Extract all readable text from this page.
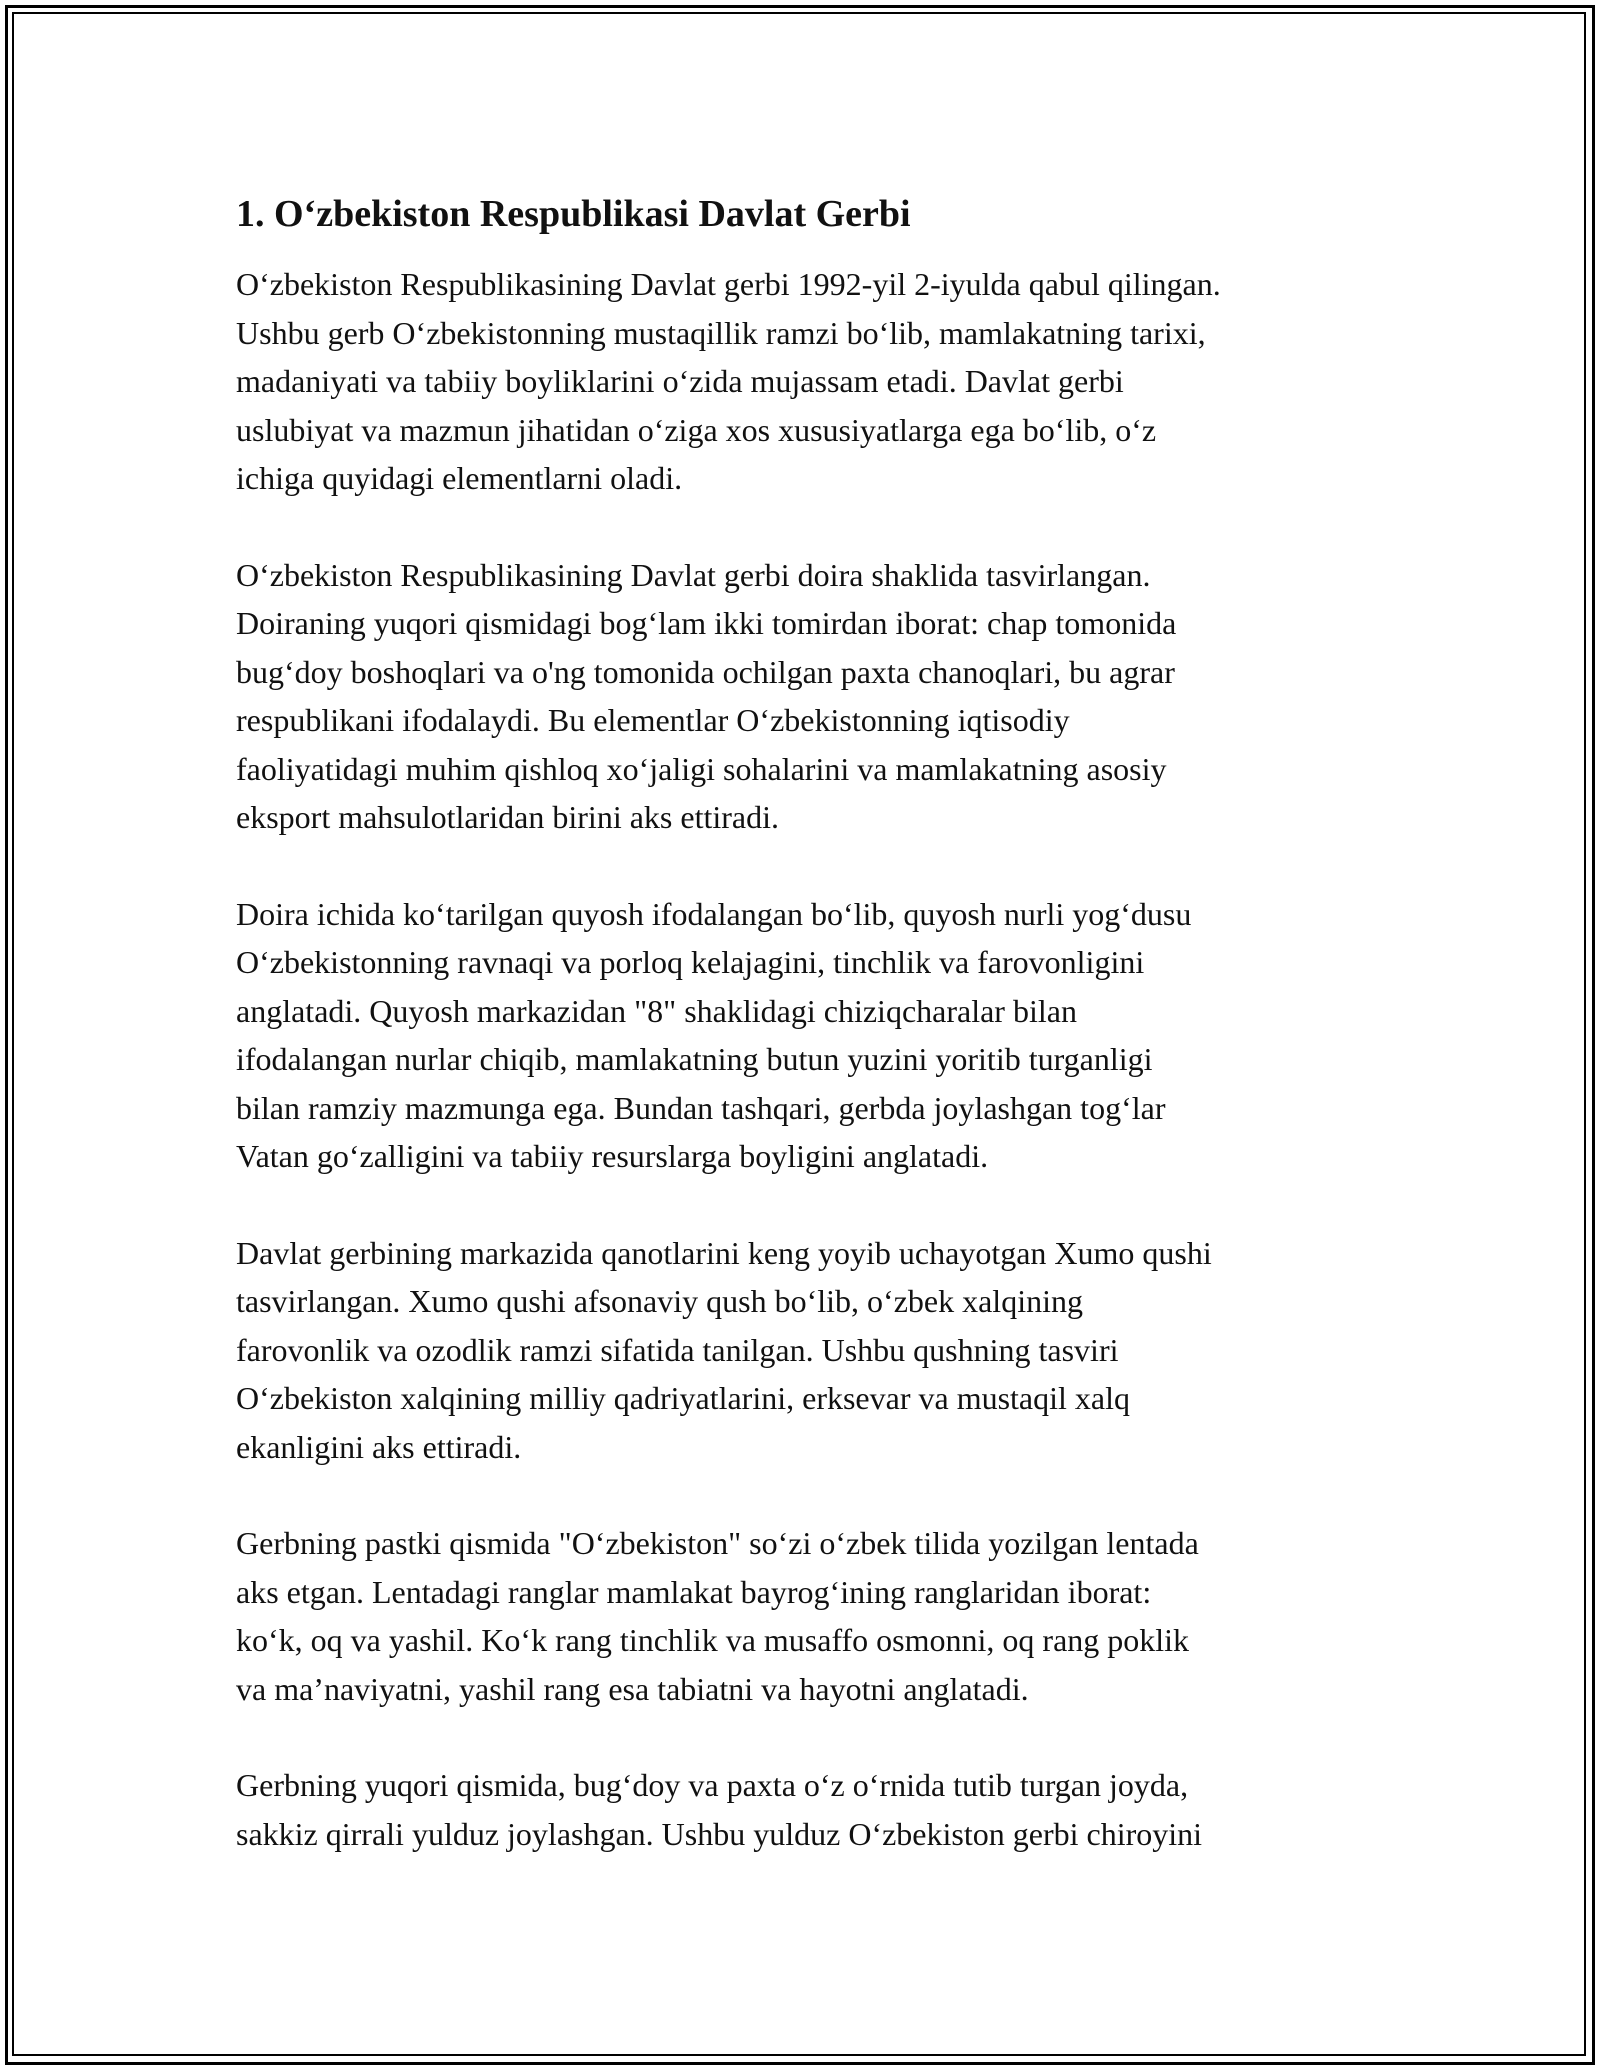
1. O‘zbekiston Respublikasi Davlat Gerbi

O‘zbekiston Respublikasining Davlat gerbi 1992-yil 2-iyulda qabul qilingan.
Ushbu gerb O‘zbekistonning mustaqillik ramzi bo‘lib, mamlakatning tarixi,
madaniyati va tabiiy boyliklarini o‘zida mujassam etadi. Davlat gerbi
uslubiyat va mazmun jihatidan o‘ziga xos xususiyatlarga ega bo‘lib, o‘z
ichiga quyidagi elementlarni oladi.

O‘zbekiston Respublikasining Davlat gerbi doira shaklida tasvirlangan.
Doiraning yuqori qismidagi bog‘lam ikki tomirdan iborat: chap tomonida
bug‘doy boshoqlari va o'ng tomonida ochilgan paxta chanoqlari, bu agrar
respublikani ifodalaydi. Bu elementlar O‘zbekistonning iqtisodiy
faoliyatidagi muhim qishloq xo‘jaligi sohalarini va mamlakatning asosiy
eksport mahsulotlaridan birini aks ettiradi.

Doira ichida ko‘tarilgan quyosh ifodalangan bo‘lib, quyosh nurli yog‘dusu
O‘zbekistonning ravnaqi va porloq kelajagini, tinchlik va farovonligini
anglatadi. Quyosh markazidan "8" shaklidagi chiziqcharalar bilan
ifodalangan nurlar chiqib, mamlakatning butun yuzini yoritib turganligi
bilan ramziy mazmunga ega. Bundan tashqari, gerbda joylashgan tog‘lar
Vatan go‘zalligini va tabiiy resurslarga boyligini anglatadi.

Davlat gerbining markazida qanotlarini keng yoyib uchayotgan Xumo qushi
tasvirlangan. Xumo qushi afsonaviy qush bo‘lib, o‘zbek xalqining
farovonlik va ozodlik ramzi sifatida tanilgan. Ushbu qushning tasviri
O‘zbekiston xalqining milliy qadriyatlarini, erksevar va mustaqil xalq
ekanligini aks ettiradi.

Gerbning pastki qismida "O‘zbekiston" so‘zi o‘zbek tilida yozilgan lentada
aks etgan. Lentadagi ranglar mamlakat bayrog‘ining ranglaridan iborat:
ko‘k, oq va yashil. Ko‘k rang tinchlik va musaffo osmonni, oq rang poklik
va ma’naviyatni, yashil rang esa tabiatni va hayotni anglatadi.

Gerbning yuqori qismida, bug‘doy va paxta o‘z o‘rnida tutib turgan joyda,
sakkiz qirrali yulduz joylashgan. Ushbu yulduz O‘zbekiston gerbi chiroyini
